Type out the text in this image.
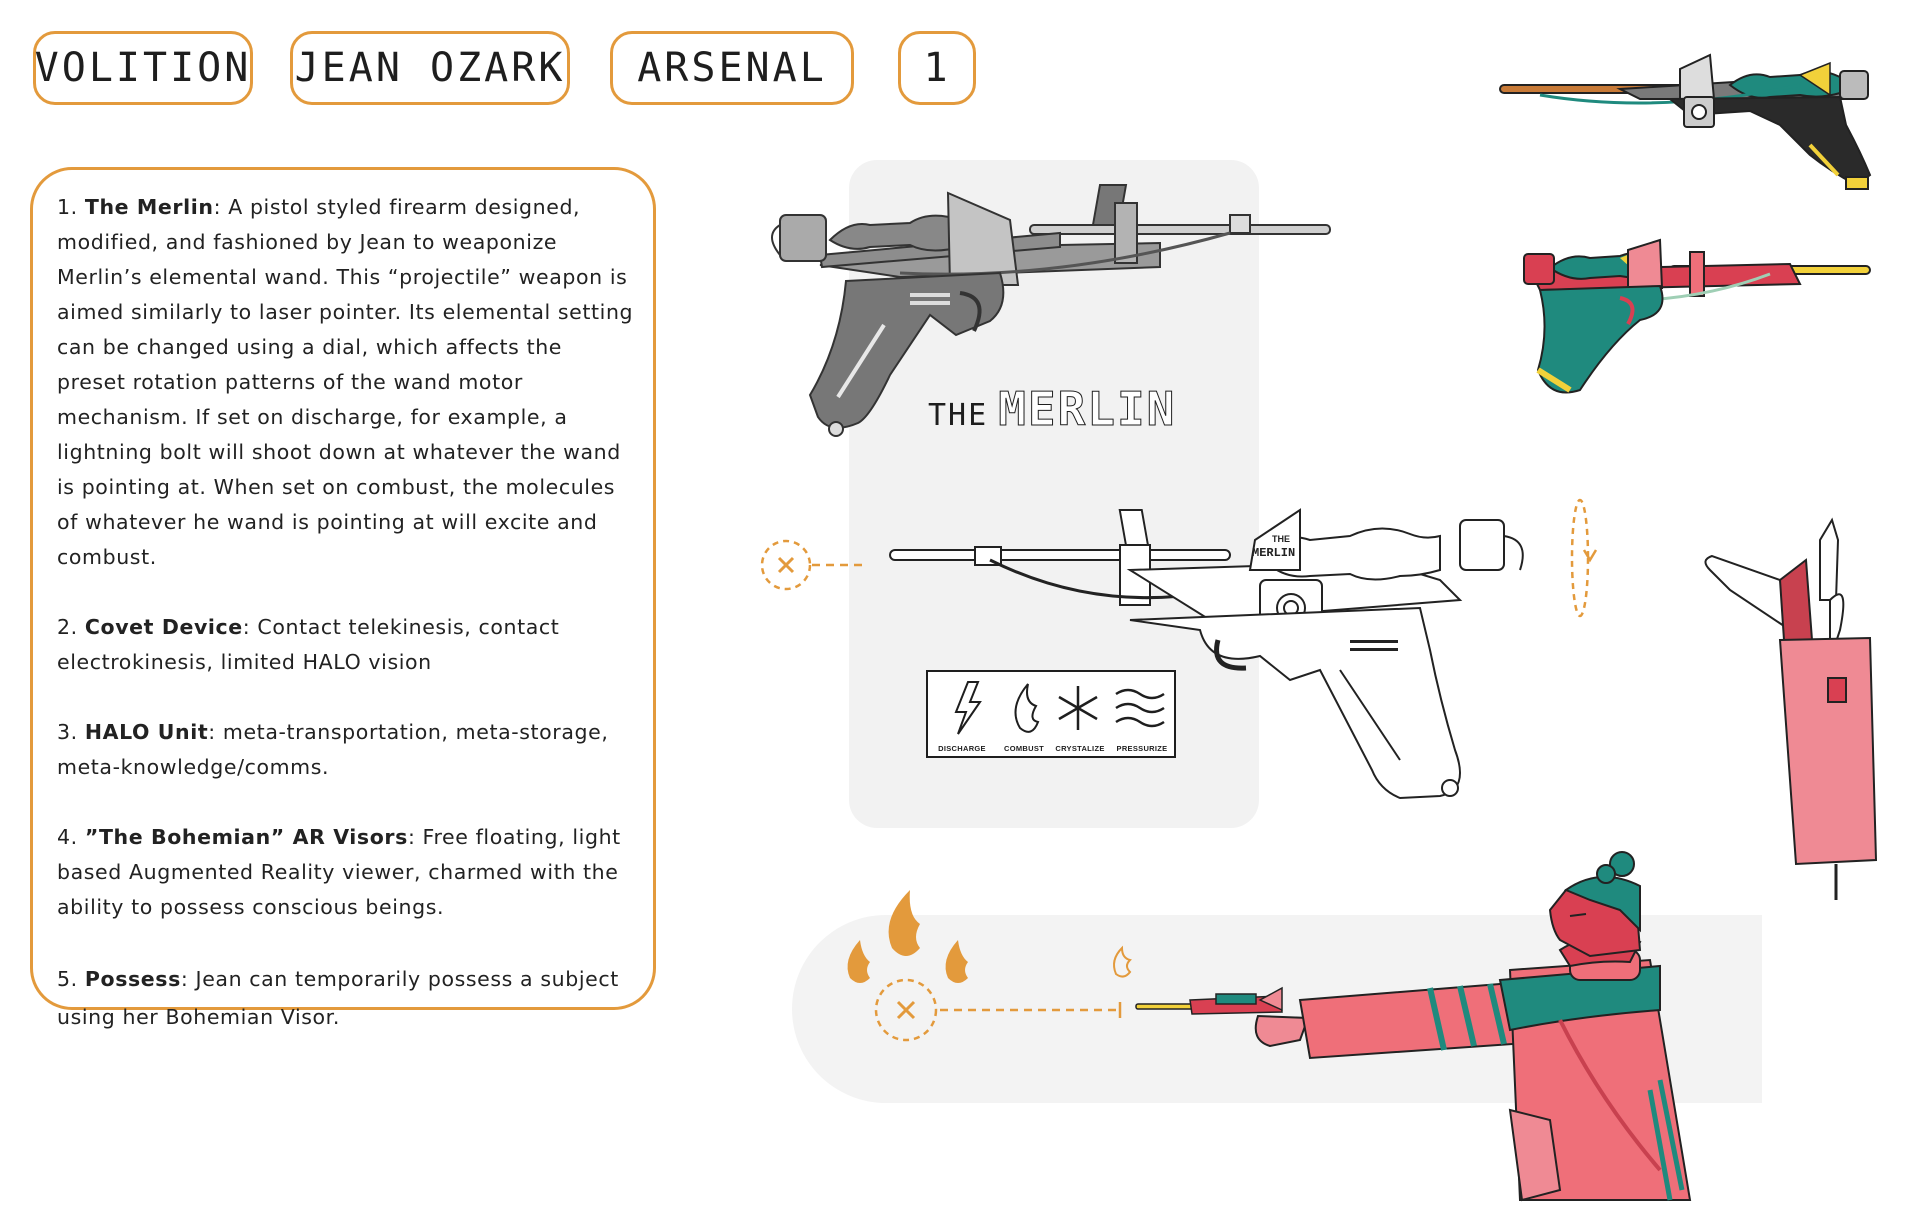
VOLITION JEAN OZARK	ARSENAL	1

1. The Merlin: A pistol styled firearm designed, modified, and fashioned by Jean to weaponize Merlin’s elemental wand. This “projectile” weapon is aimed similarly to laser pointer. Its elemental setting can be changed using a dial, which affects the preset rotation patterns of the wand motor mechanism. If set on discharge, for example, a lightning bolt will shoot down at whatever the wand is pointing at. When set on combust, the molecules of whatever he wand is pointing at will excite and combust.

2. Covet Device: Contact telekinesis, contact electrokinesis, limited HALO vision

3. HALO Unit: meta-transportation, meta-storage, meta-knowledge/comms.

4. ”The Bohemian” AR Visors: Free floating, light based Augmented Reality viewer, charmed with the ability to possess conscious beings.

5. Possess: Jean can temporarily possess a subject using her Bohemian Visor.

THE MERLIN
THE
MERLIN
DISCHARGE	COMBUST	CRYSTALIZE	PRESSURIZE
